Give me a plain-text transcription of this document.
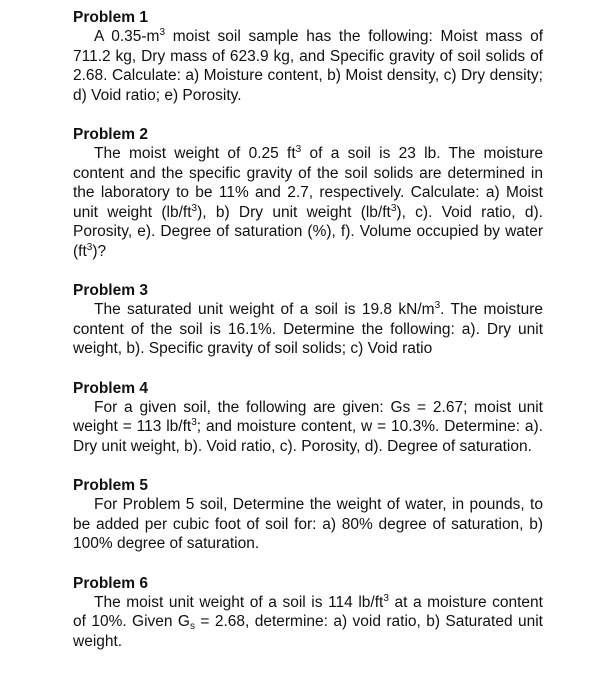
Problem 1

A $0.35-m^3$ moist soil sample has the following: Moist mass of 711.2 kg, Dry mass of 623.9 kg, and Specific gravity of soil solids of 2.68. Calculate: a) Moisture content, b) Moist density, c) Dry density; d) Void ratio; e) Porosity.

Problem 2

The moist weight of 0.25 $ft^3$ of a soil is 23 lb. The moisture content and the specific gravity of the soil solids are determined in the laboratory to be 11% and 2.7, respectively. Calculate: a) Moist unit weight $(lb/ft^3)$, b) Dry unit weight $(lb/ft^3)$, c). Void ratio, d). Porosity, e). Degree of saturation (%), f). Volume occupied by water $(ft^3)$?

Problem 3

The saturated unit weight of a soil is 19.8 $kN/m^3$. The moisture content of the soil is 16.1%. Determine the following: a). Dry unit weight, b). Specific gravity of soil solids; c) Void ratio

Problem 4

For a given soil, the following are given: Gs = 2.67; moist unit weight = 113 $lb/ft^3$; and moisture content, w = 10.3%. Determine: a). Dry unit weight, b). Void ratio, c). Porosity, d). Degree of saturation.

Problem 5

For Problem 5 soil, Determine the weight of water, in pounds, to be added per cubic foot of soil for: a) 80% degree of saturation, b) 100% degree of saturation.

Problem 6

The moist unit weight of a soil is 114 $lb/ft^3$ at a moisture content of 10%. Given $G_s = 2.68$, determine: a) void ratio, b) Saturated unit weight.
